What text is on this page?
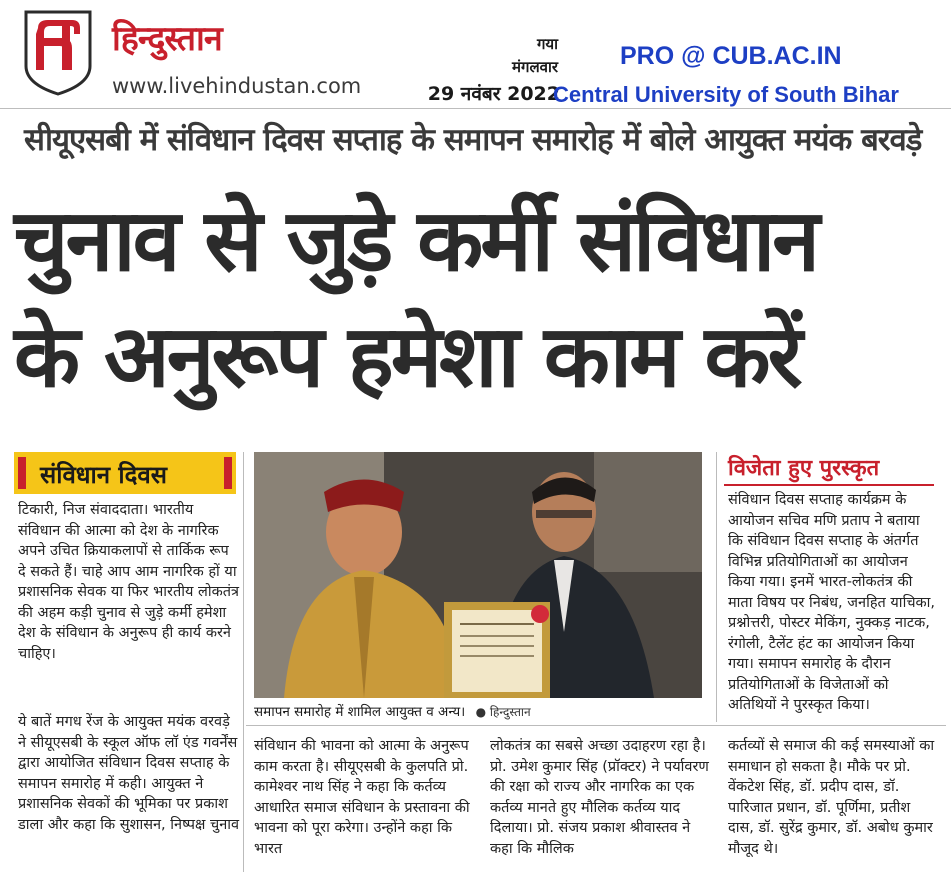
हिन्दुस्तान
www.livehindustan.com
गया
मंगलवार
29 नवंबर 2022
PRO @ CUB.AC.IN
Central University of South Bihar
सीयूएसबी में संविधान दिवस सप्ताह के समापन समारोह में बोले आयुक्त मयंक बरवड़े
चुनाव से जुड़े कर्मी संविधान
के अनुरूप हमेशा काम करें
संविधान दिवस

टिकारी, निज संवाददाता। भारतीय संविधान की आत्मा को देश के नागरिक अपने उचित क्रियाकलापों से तार्किक रूप दे सकते हैं। चाहे आप आम नागरिक हों या प्रशासनिक सेवक या फिर भारतीय लोकतंत्र की अहम कड़ी चुनाव से जुड़े कर्मी हमेशा देश के संविधान के अनुरूप ही कार्य करने चाहिए।

ये बातें मगध रेंज के आयुक्त मयंक वरवड़े ने सीयूएसबी के स्कूल ऑफ लॉ एंड गवर्नेंस द्वारा आयोजित संविधान दिवस सप्ताह के समापन समारोह में कही। आयुक्त ने प्रशासनिक सेवकों की भूमिका पर प्रकाश डाला और कहा कि सुशासन, निष्पक्ष चुनाव

समापन समारोह में शामिल आयुक्त व अन्य। ● हिन्दुस्तान
विजेता हुए पुरस्कृत
संविधान दिवस सप्ताह कार्यक्रम के आयोजन सचिव मणि प्रताप ने बताया कि संविधान दिवस सप्ताह के अंतर्गत विभिन्न प्रतियोगिताओं का आयोजन किया गया। इनमें भारत-लोकतंत्र की माता विषय पर निबंध, जनहित याचिका, प्रश्नोत्तरी, पोस्टर मेकिंग, नुक्कड़ नाटक, रंगोली, टैलेंट हंट का आयोजन किया गया। समापन समारोह के दौरान प्रतियोगिताओं के विजेताओं को अतिथियों ने पुरस्कृत किया।
संविधान की भावना को आत्मा के अनुरूप काम करता है। सीयूएसबी के कुलपति प्रो. कामेश्वर नाथ सिंह ने कहा कि कर्तव्य आधारित समाज संविधान के प्रस्तावना की भावना को पूरा करेगा। उन्होंने कहा कि भारत
लोकतंत्र का सबसे अच्छा उदाहरण रहा है। प्रो. उमेश कुमार सिंह (प्रॉक्टर) ने पर्यावरण की रक्षा को राज्य और नागरिक का एक कर्तव्य मानते हुए मौलिक कर्तव्य याद दिलाया। प्रो. संजय प्रकाश श्रीवास्तव ने कहा कि मौलिक
कर्तव्यों से समाज की कई समस्याओं का समाधान हो सकता है। मौके पर प्रो. वेंकटेश सिंह, डॉ. प्रदीप दास, डॉ. पारिजात प्रधान, डॉ. पूर्णिमा, प्रतीश दास, डॉ. सुरेंद्र कुमार, डॉ. अबोध कुमार मौजूद थे।
